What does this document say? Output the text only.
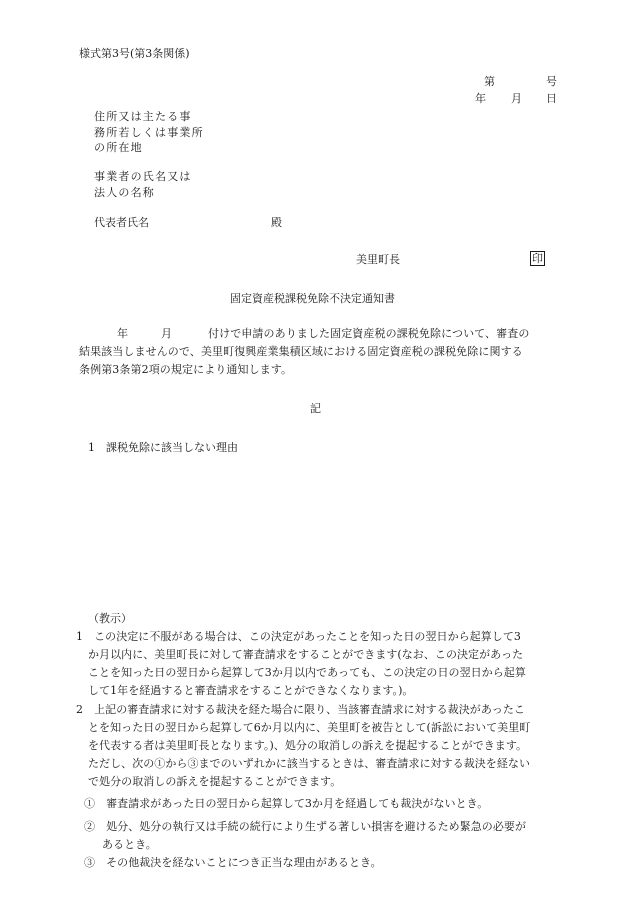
様式第3号(第3条関係)
第	号
年 月 日
住所又は主たる事
務所若しくは事業所
の所在地
事業者の氏名又は
法人の名称
代表者氏名	殿
美里町長	印
固定資産税課税免除不決定通知書
年	月	付けで申請のありました固定資産税の課税免除について、審査の
結果該当しませんので、美里町復興産業集積区域における固定資産税の課税免除に関する
条例第3条第2項の規定により通知します。
記
1　課税免除に該当しない理由
（教示）
1　この決定に不服がある場合は、この決定があったことを知った日の翌日から起算して3
か月以内に、美里町長に対して審査請求をすることができます(なお、この決定があった
ことを知った日の翌日から起算して3か月以内であっても、この決定の日の翌日から起算
して1年を経過すると審査請求をすることができなくなります。)。
2　上記の審査請求に対する裁決を経た場合に限り、当該審査請求に対する裁決があったこ
とを知った日の翌日から起算して6か月以内に、美里町を被告として(訴訟において美里町
を代表する者は美里町長となります。)、処分の取消しの訴えを提起することができます。
ただし、次の①から③までのいずれかに該当するときは、審査請求に対する裁決を経ない
で処分の取消しの訴えを提起することができます。
①　審査請求があった日の翌日から起算して3か月を経過しても裁決がないとき。
②　処分、処分の執行又は手続の続行により生ずる著しい損害を避けるため緊急の必要が
あるとき。
③　その他裁決を経ないことにつき正当な理由があるとき。
